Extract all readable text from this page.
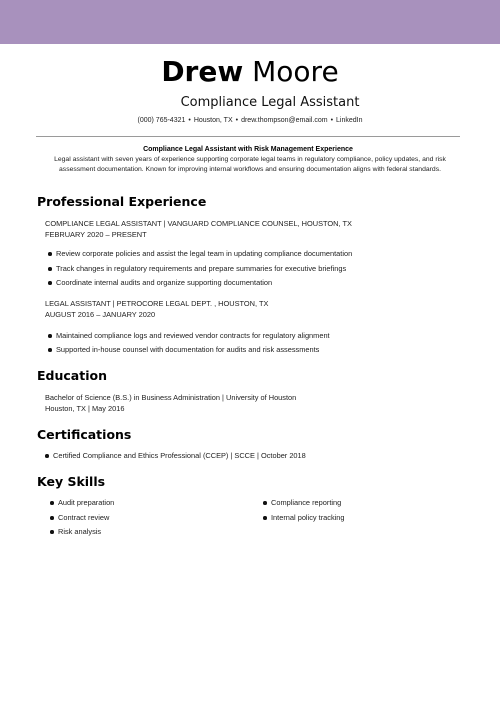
Drew Moore
Compliance Legal Assistant
(000) 765-4321 • Houston, TX • drew.thompson@email.com • LinkedIn
Compliance Legal Assistant with Risk Management Experience
Legal assistant with seven years of experience supporting corporate legal teams in regulatory compliance, policy updates, and risk
assessment documentation. Known for improving internal workflows and ensuring documentation aligns with federal standards.
Professional Experience
COMPLIANCE LEGAL ASSISTANT | VANGUARD COMPLIANCE COUNSEL, HOUSTON, TX
FEBRUARY 2020 – PRESENT
Review corporate policies and assist the legal team in updating compliance documentation
Track changes in regulatory requirements and prepare summaries for executive briefings
Coordinate internal audits and organize supporting documentation
LEGAL ASSISTANT | PETROCORE LEGAL DEPT. , HOUSTON, TX
AUGUST 2016 – JANUARY 2020
Maintained compliance logs and reviewed vendor contracts for regulatory alignment
Supported in-house counsel with documentation for audits and risk assessments
Education
Bachelor of Science (B.S.) in Business Administration | University of Houston
Houston, TX | May 2016
Certifications
Certified Compliance and Ethics Professional (CCEP) | SCCE | October 2018
Key Skills
Audit preparation
Contract review
Risk analysis
Compliance reporting
Internal policy tracking
